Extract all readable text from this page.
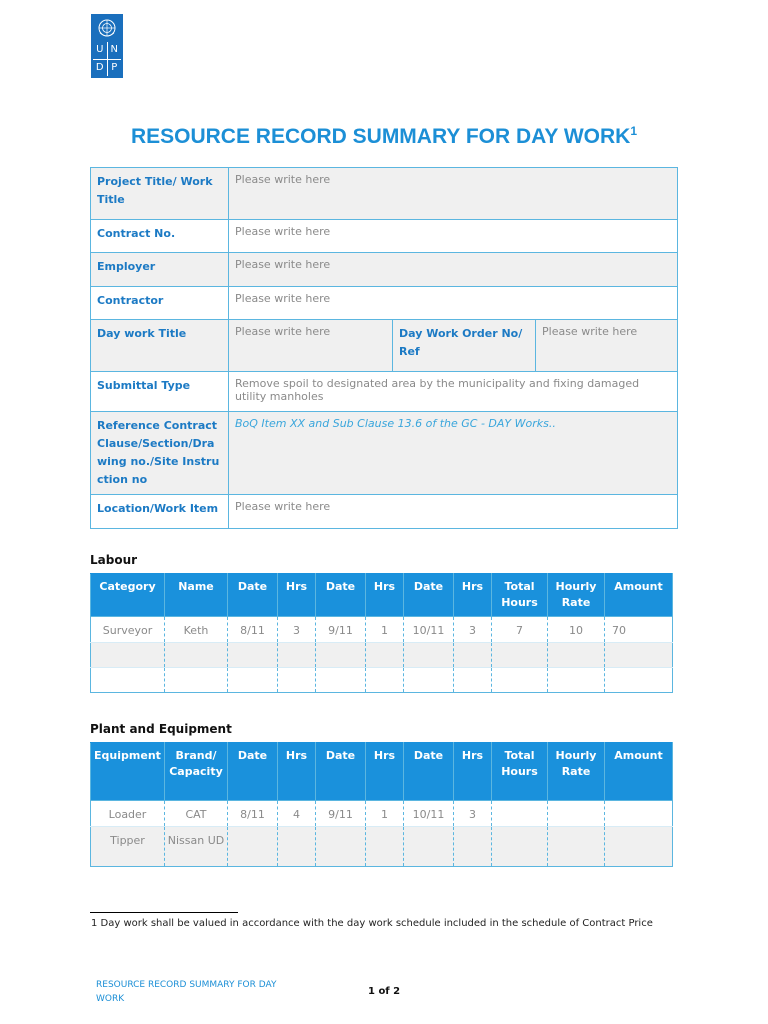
U N
D P
RESOURCE RECORD SUMMARY FOR DAY WORK$^1$
Project Title/ Work Title	Please write here		
Contract No.	Please write here		
Employer	Please write here		
Contractor	Please write here		
Day work Title	Please write here	Day Work Order No/ Ref	Please write here
Submittal Type	Remove spoil to designated area by the municipality and fixing damaged utility manholes		
Reference Contract Clause/Section/Drawing no./Site Instruction no	BoQ Item XX and Sub Clause 13.6 of the GC - DAY Works..		
Location/Work Item	Please write here		
Labour
Category	Name	Date	Hrs	Date	Hrs	Date	Hrs	Total Hours	Hourly Rate	Amount
Surveyor	Keth	8/11	3	9/11	1	10/11	3	7	10	70

Plant and Equipment
Equipment	Brand/ Capacity	Date	Hrs	Date	Hrs	Date	Hrs	Total Hours	Hourly Rate	Amount
Loader	CAT	8/11	4	9/11	1	10/11	3			
Tipper	Nissan UD									
1 Day work shall be valued in accordance with the day work schedule included in the schedule of Contract Price
RESOURCE RECORD SUMMARY FOR DAY WORK
1 of 2
